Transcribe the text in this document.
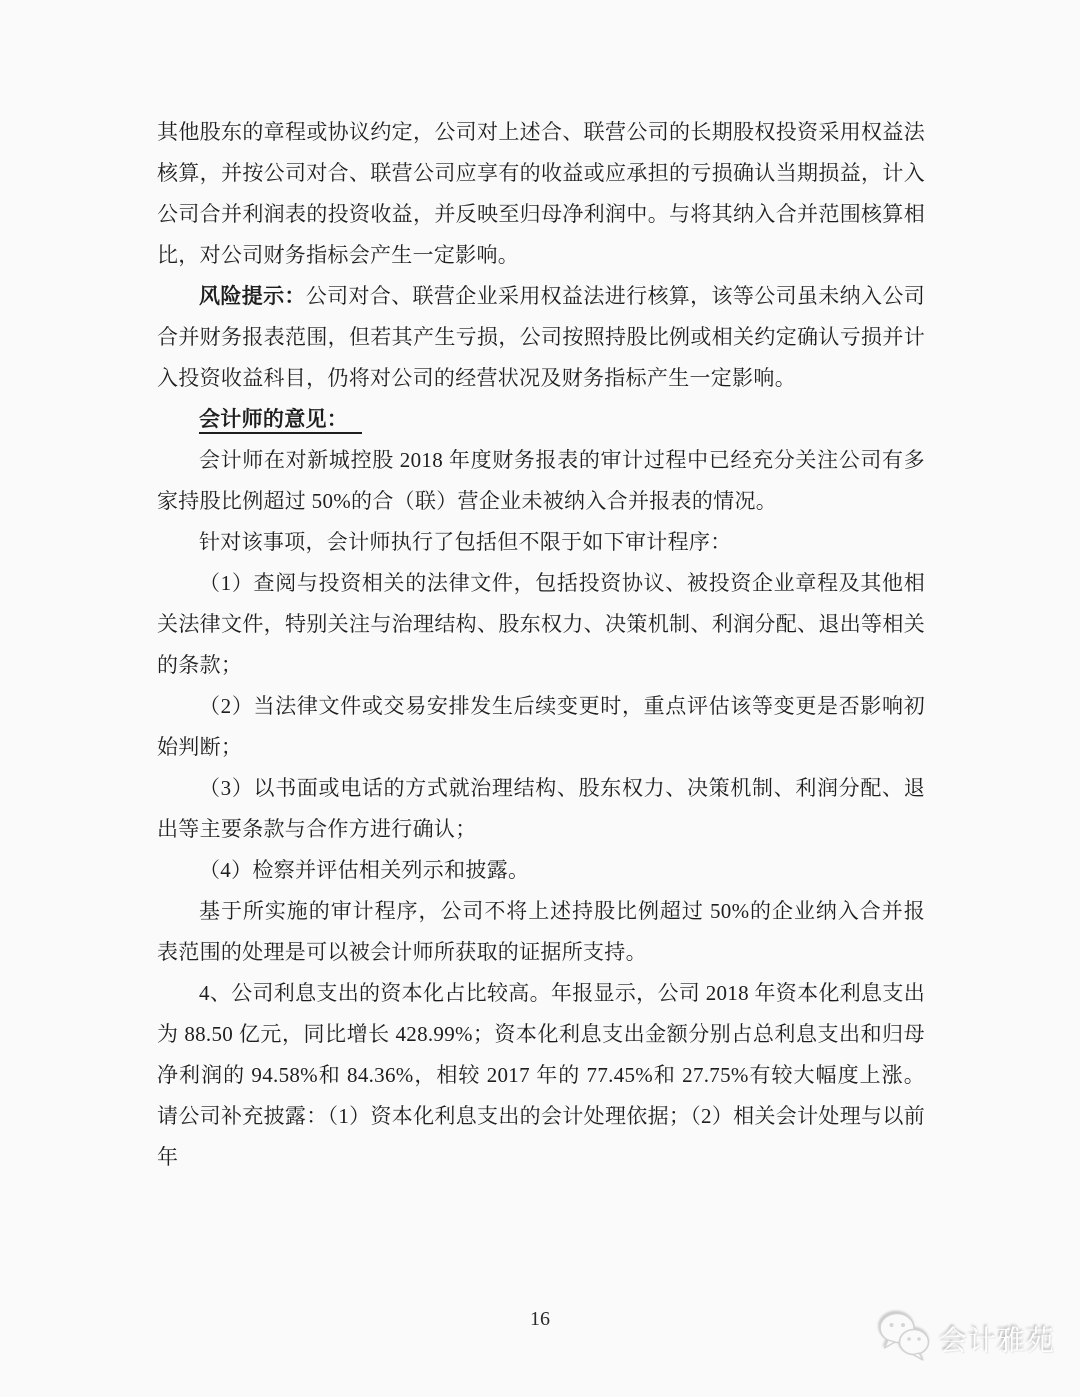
其他股东的章程或协议约定，公司对上述合、联营公司的长期股权投资采用权益法核算，并按公司对合、联营公司应享有的收益或应承担的亏损确认当期损益，计入公司合并利润表的投资收益，并反映至归母净利润中。与将其纳入合并范围核算相比，对公司财务指标会产生一定影响。

风险提示：公司对合、联营企业采用权益法进行核算，该等公司虽未纳入公司合并财务报表范围，但若其产生亏损，公司按照持股比例或相关约定确认亏损并计入投资收益科目，仍将对公司的经营状况及财务指标产生一定影响。

会计师的意见：

会计师在对新城控股 2018 年度财务报表的审计过程中已经充分关注公司有多家持股比例超过 50%的合（联）营企业未被纳入合并报表的情况。

针对该事项，会计师执行了包括但不限于如下审计程序：

（1）查阅与投资相关的法律文件，包括投资协议、被投资企业章程及其他相关法律文件，特别关注与治理结构、股东权力、决策机制、利润分配、退出等相关的条款；

（2）当法律文件或交易安排发生后续变更时，重点评估该等变更是否影响初始判断；

（3）以书面或电话的方式就治理结构、股东权力、决策机制、利润分配、退出等主要条款与合作方进行确认；

（4）检察并评估相关列示和披露。

基于所实施的审计程序，公司不将上述持股比例超过 50%的企业纳入合并报表范围的处理是可以被会计师所获取的证据所支持。

4、公司利息支出的资本化占比较高。年报显示，公司 2018 年资本化利息支出为 88.50 亿元，同比增长 428.99%；资本化利息支出金额分别占总利息支出和归母净利润的 94.58%和 84.36%，相较 2017 年的 77.45%和 27.75%有较大幅度上涨。请公司补充披露：（1）资本化利息支出的会计处理依据；（2）相关会计处理与以前年

16
会计雅苑
